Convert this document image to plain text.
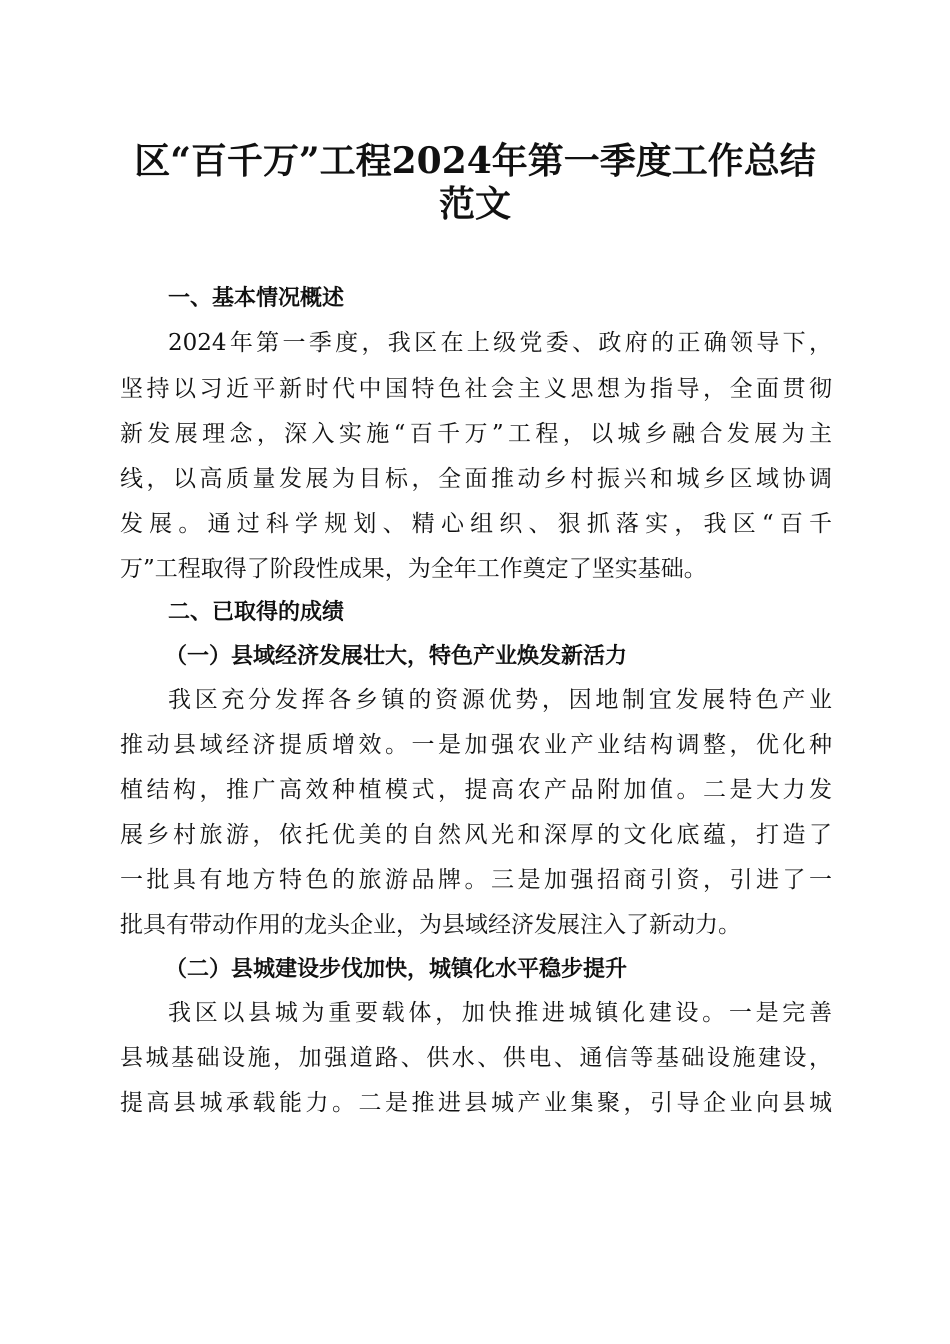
区“百千万”工程2024年第一季度工作总结
范文

一、基本情况概述

2024年第一季度，我区在上级党委、政府的正确领导下，

坚持以习近平新时代中国特色社会主义思想为指导，全面贯彻

新发展理念，深入实施“百千万”工程，以城乡融合发展为主

线，以高质量发展为目标，全面推动乡村振兴和城乡区域协调

发展。通过科学规划、精心组织、狠抓落实，我区“百千

万”工程取得了阶段性成果，为全年工作奠定了坚实基础。

二、已取得的成绩

（一）县域经济发展壮大，特色产业焕发新活力

我区充分发挥各乡镇的资源优势，因地制宜发展特色产业

推动县域经济提质增效。一是加强农业产业结构调整，优化种

植结构，推广高效种植模式，提高农产品附加值。二是大力发

展乡村旅游，依托优美的自然风光和深厚的文化底蕴，打造了

一批具有地方特色的旅游品牌。三是加强招商引资，引进了一

批具有带动作用的龙头企业，为县域经济发展注入了新动力。

（二）县城建设步伐加快，城镇化水平稳步提升

我区以县城为重要载体，加快推进城镇化建设。一是完善

县城基础设施，加强道路、供水、供电、通信等基础设施建设，

提高县城承载能力。二是推进县城产业集聚，引导企业向县城
